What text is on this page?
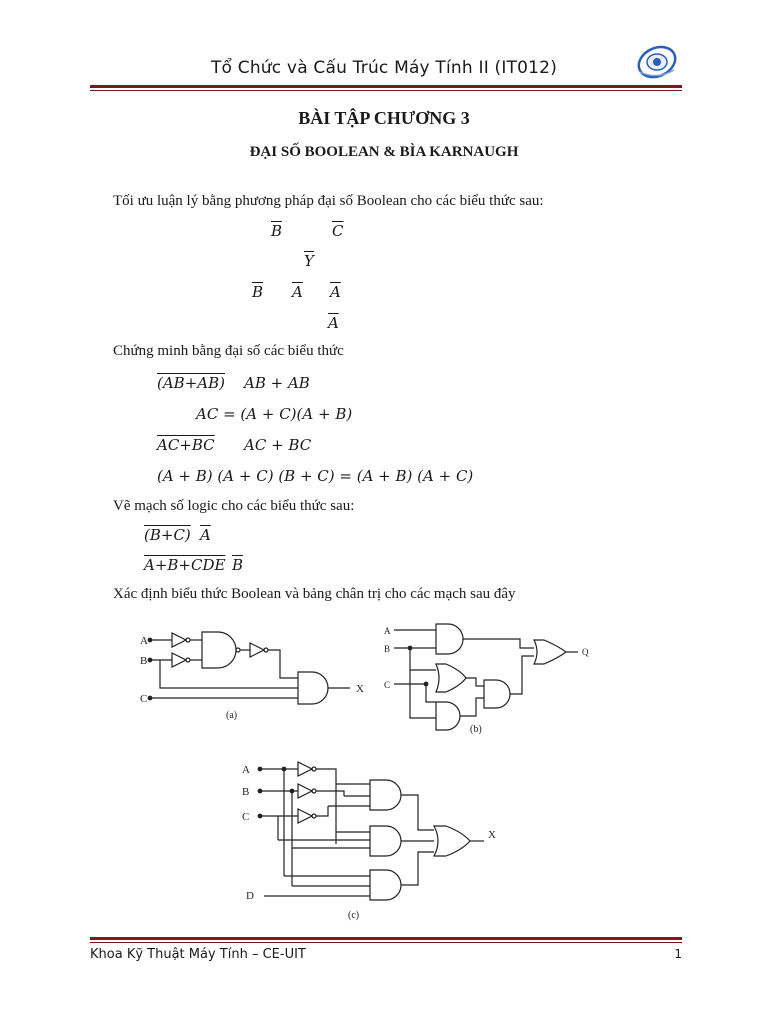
Tổ Chức và Cấu Trúc Máy Tính II (IT012)
BÀI TẬP CHƯƠNG 3
ĐẠI SỐ BOOLEAN & BÌA KARNAUGH
Tối ưu luận lý bằng phương pháp đại số Boolean cho các biểu thức sau:
$\overline{B}$	$\overline{C}$
$\overline{Y}$
$\overline{B}$ $\overline{A}$ $\overline{A}$
$\overline{A}$
Chứng minh bằng đại số các biểu thức
(AB+AB) AB + AB
AC = (A + C)(A + B)
AC+BC AC + BC
(A + B) (A + C) (B + C) = (A + B) (A + C)
Vẽ mạch số logic cho các biểu thức sau:
(B+C) $\overline{A}$
A+B+CDE $\overline{B}$
Xác định biểu thức Boolean và bảng chân trị cho các mạch sau đây
A
B
C
X
(a)
A
B
C
Q
(b)
A
B
C
D
X
(c)
Khoa Kỹ Thuật Máy Tính – CE-UIT	1
